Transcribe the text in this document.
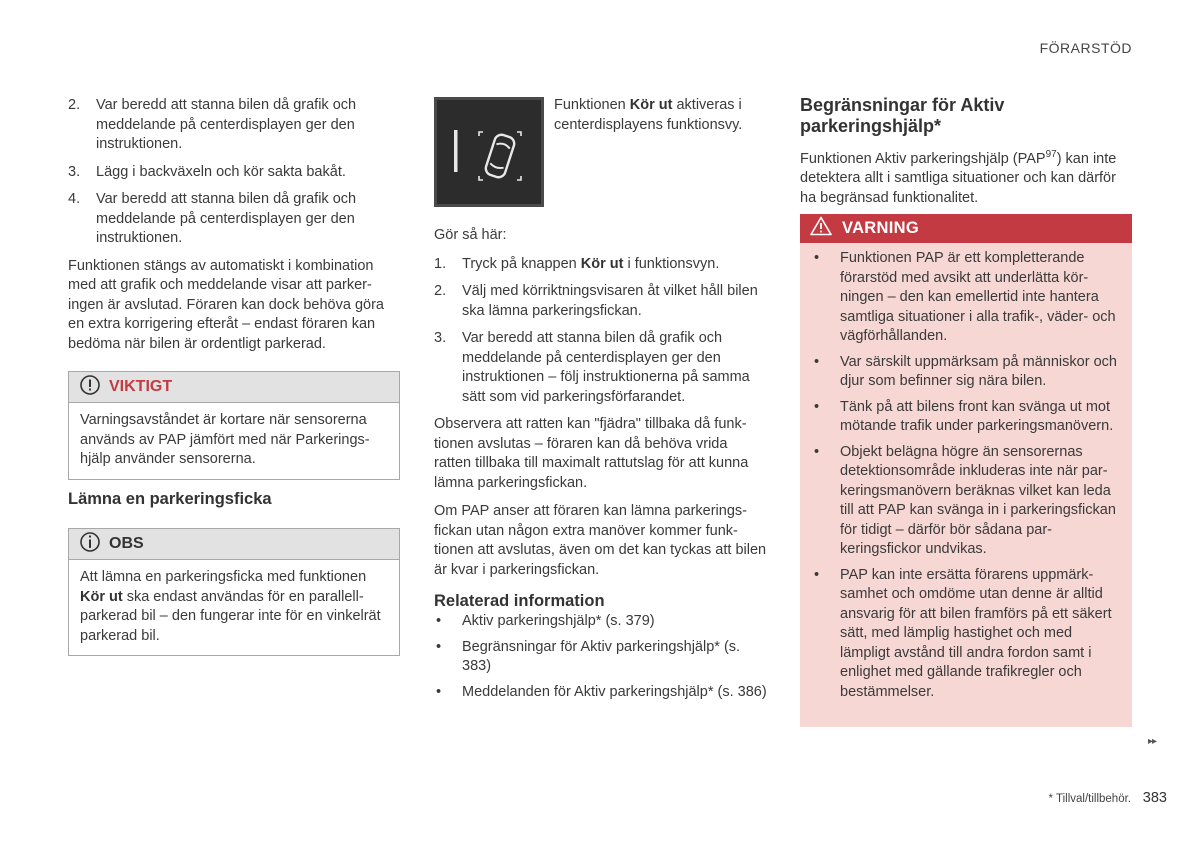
FÖRARSTÖD
2. Var beredd att stanna bilen då grafik och meddelande på centerdisplayen ger den instruktionen.
3. Lägg i backväxeln och kör sakta bakåt.
4. Var beredd att stanna bilen då grafik och meddelande på centerdisplayen ger den instruktionen.

Funktionen stängs av automatiskt i kombination med att grafik och meddelande visar att parkeringen är avslutad. Föraren kan dock behöva göra en extra korrigering efteråt – endast föraren kan bedöma när bilen är ordentligt parkerad.

VIKTIGT
Varningsavståndet är kortare när sensorerna används av PAP jämfört med när Parkeringshjälp använder sensorerna.
Lämna en parkeringsficka
OBS
Att lämna en parkeringsficka med funktionen Kör ut ska endast användas för en parallellparkerad bil – den fungerar inte för en vinkelrät parkerad bil.
Funktionen Kör ut aktiveras i centerdisplayens funktionsvy.

Gör så här:

1. Tryck på knappen Kör ut i funktionsvyn.
2. Välj med körriktningsvisaren åt vilket håll bilen ska lämna parkeringsfickan.
3. Var beredd att stanna bilen då grafik och meddelande på centerdisplayen ger den instruktionen – följ instruktionerna på samma sätt som vid parkeringsförfarandet.

Observera att ratten kan "fjädra" tillbaka då funktionen avslutas – föraren kan då behöva vrida ratten tillbaka till maximalt rattutslag för att kunna lämna parkeringsfickan.

Om PAP anser att föraren kan lämna parkeringsfickan utan någon extra manöver kommer funktionen att avslutas, även om det kan tyckas att bilen är kvar i parkeringsfickan.

Relaterad information
• Aktiv parkeringshjälp* (s. 379)
• Begränsningar för Aktiv parkeringshjälp* (s. 383)
• Meddelanden för Aktiv parkeringshjälp* (s. 386)
Begränsningar för Aktiv parkeringshjälp*

Funktionen Aktiv parkeringshjälp (PAP$^{97}$) kan inte detektera allt i samtliga situationer och kan därför ha begränsad funktionalitet.

VARNING
• Funktionen PAP är ett kompletterande förarstöd med avsikt att underlätta körningen – den kan emellertid inte hantera samtliga situationer i alla trafik-, väder- och vägförhållanden.
• Var särskilt uppmärksam på människor och djur som befinner sig nära bilen.
• Tänk på att bilens front kan svänga ut mot mötande trafik under parkeringsmanövern.
• Objekt belägna högre än sensorernas detektionsområde inkluderas inte när parkeringsmanövern beräknas vilket kan leda till att PAP kan svänga in i parkeringsfickan för tidigt – därför bör sådana parkeringsfickor undvikas.
• PAP kan inte ersätta förarens uppmärksamhet och omdöme utan denne är alltid ansvarig för att bilen framförs på ett säkert sätt, med lämplig hastighet och med lämpligt avstånd till andra fordon samt i enlighet med gällande trafikregler och bestämmelser.
▸▸
* Tillval/tillbehör. 383
